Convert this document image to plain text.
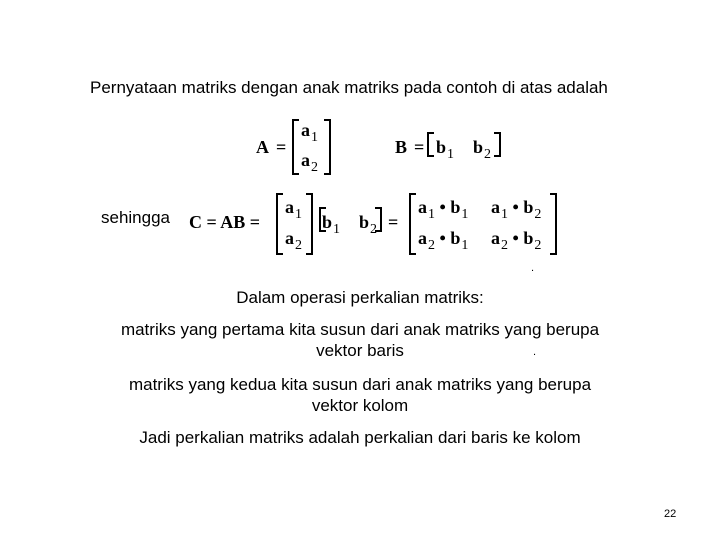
Pernyataan matriks dengan anak matriks pada contoh di atas adalah
A =
$a_1$
$a_2$
$B = b_1$ $b_2$
sehingga C = AB =
$a_1$
$a_2$
$b_1$ $b_2$ =
$a_1$ • $b_1$ $a_1$ • $b_2$
$a_2$ • $b_1$ $a_2$ • $b_2$
.
Dalam operasi perkalian matriks:
matriks yang pertama kita susun dari anak matriks yang berupa
vektor baris	.
matriks yang kedua kita susun dari anak matriks yang berupa
vektor kolom
Jadi perkalian matriks adalah perkalian dari baris ke kolom
22
